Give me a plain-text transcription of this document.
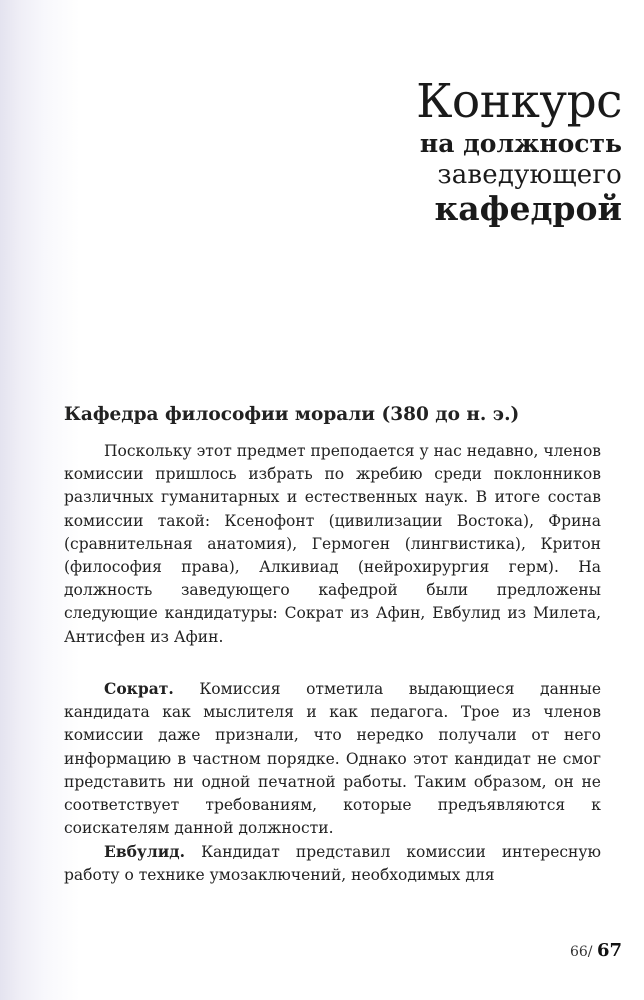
Конкурс
на должность
заведующего
кафедрой
Кафедра философии морали (380 до н. э.)

Поскольку этот предмет преподается у нас недавно, членов комиссии пришлось избрать по жребию среди поклонников различных гуманитарных и естественных наук. В итоге состав комиссии такой: Ксенофонт (цивилизации Востока), Фрина (сравнительная анатомия), Гермоген (лингвистика), Критон (философия права), Алкивиад (нейрохирургия герм). На должность заведующего кафедрой были предложены следующие кандидатуры: Сократ из Афин, Евбулид из Милета, Антисфен из Афин.

Сократ. Комиссия отметила выдающиеся данные кандидата как мыслителя и как педагога. Трое из членов комиссии даже признали, что нередко получали от него информацию в частном порядке. Однако этот кандидат не смог представить ни одной печатной работы. Таким образом, он не соответствует требованиям, которые предъявляются к соискателям данной должности.

Евбулид. Кандидат представил комиссии интересную работу о технике умозаключений, необходимых для

66/ 67
